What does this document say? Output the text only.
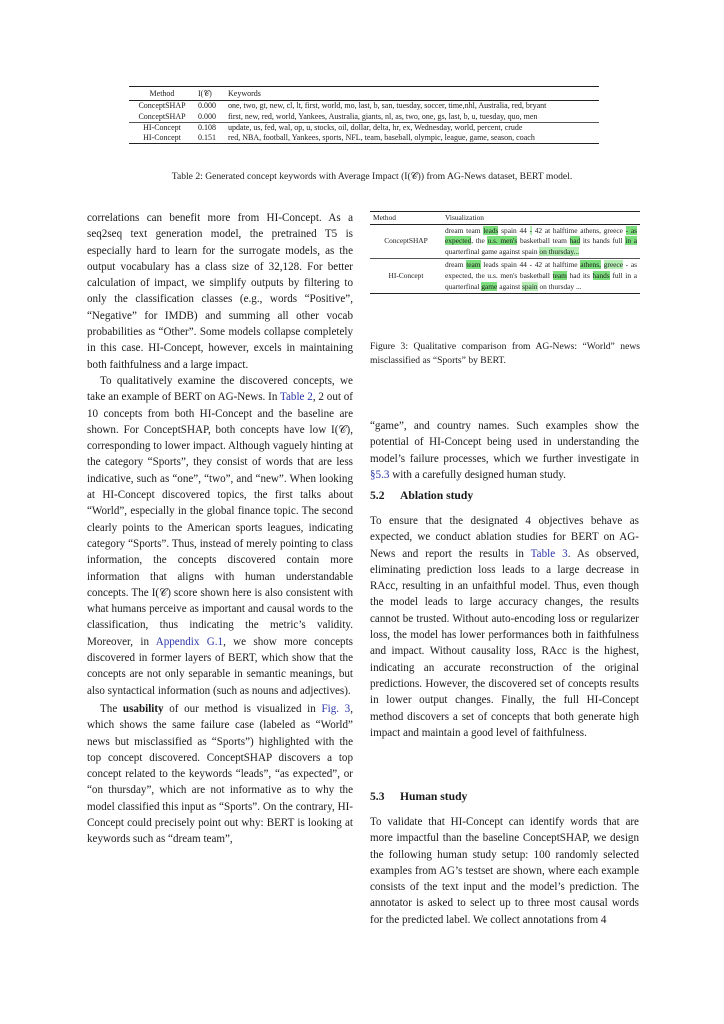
Method	I(𝒞)	Keywords
ConceptSHAP	0.000	one, two, gt, new, cl, lt, first, world, mo, last, b, san, tuesday, soccer, time,nhl, Australia, red, bryant
ConceptSHAP	0.000	first, new, red, world, Yankees, Australia, giants, nl, as, two, one, gs, last, b, u, tuesday, quo, men
HI-Concept	0.108	update, us, fed, wal, op, u, stocks, oil, dollar, delta, hr, ex, Wednesday, world, percent, crude
HI-Concept	0.151	red, NBA, football, Yankees, sports, NFL, team, baseball, olympic, league, game, season, coach
Table 2: Generated concept keywords with Average Impact (I(𝒞)) from AG-News dataset, BERT model.
Method	Visualization
ConceptSHAP	dream team leads spain 44 - 42 at halftime athens, greece - as expected, the u.s. men's basketball team had its hands full in a quarterfinal game against spain on thursday...
HI-Concept	dream team leads spain 44 - 42 at halftime athens, greece - as expected, the u.s. men's basketball team had its hands full in a quarterfinal game against spain on thursday ...
Figure 3: Qualitative comparison from AG-News: “World” news misclassified as “Sports” by BERT.

correlations can benefit more from HI-Concept. As a seq2seq text generation model, the pretrained T5 is especially hard to learn for the surrogate models, as the output vocabulary has a class size of 32,128. For better calculation of impact, we simplify outputs by filtering to only the classification classes (e.g., words “Positive”, “Negative” for IMDB) and summing all other vocab probabilities as “Other”. Some models collapse completely in this case. HI-Concept, however, excels in maintaining both faithfulness and a large impact.

To qualitatively examine the discovered concepts, we take an example of BERT on AG-News. In Table 2, 2 out of 10 concepts from both HI-Concept and the baseline are shown. For ConceptSHAP, both concepts have low I(𝒞), corresponding to lower impact. Although vaguely hinting at the category “Sports”, they consist of words that are less indicative, such as “one”, “two”, and “new”. When looking at HI-Concept discovered topics, the first talks about “World”, especially in the global finance topic. The second clearly points to the American sports leagues, indicating category “Sports”. Thus, instead of merely pointing to class information, the concepts discovered contain more information that aligns with human understandable concepts. The I(𝒞) score shown here is also consistent with what humans perceive as important and causal words to the classification, thus indicating the metric’s validity. Moreover, in Appendix G.1, we show more concepts discovered in former layers of BERT, which show that the concepts are not only separable in semantic meanings, but also syntactical information (such as nouns and adjectives).

The usability of our method is visualized in Fig. 3, which shows the same failure case (labeled as “World” news but misclassified as “Sports”) highlighted with the top concept discovered. ConceptSHAP discovers a top concept related to the keywords “leads”, “as expected”, or “on thursday”, which are not informative as to why the model classified this input as “Sports”. On the contrary, HI-Concept could precisely point out why: BERT is looking at keywords such as “dream team”,

“game”, and country names. Such examples show the potential of HI-Concept being used in understanding the model’s failure processes, which we further investigate in §5.3 with a carefully designed human study.

5.2 Ablation study

To ensure that the designated 4 objectives behave as expected, we conduct ablation studies for BERT on AG-News and report the results in Table 3. As observed, eliminating prediction loss leads to a large decrease in RAcc, resulting in an unfaithful model. Thus, even though the model leads to large accuracy changes, the results cannot be trusted. Without auto-encoding loss or regularizer loss, the model has lower performances both in faithfulness and impact. Without causality loss, RAcc is the highest, indicating an accurate reconstruction of the original predictions. However, the discovered set of concepts results in lower output changes. Finally, the full HI-Concept method discovers a set of concepts that both generate high impact and maintain a good level of faithfulness.

5.3 Human study

To validate that HI-Concept can identify words that are more impactful than the baseline ConceptSHAP, we design the following human study setup: 100 randomly selected examples from AG’s testset are shown, where each example consists of the text input and the model’s prediction. The annotator is asked to select up to three most causal words for the predicted label. We collect annotations from 4
